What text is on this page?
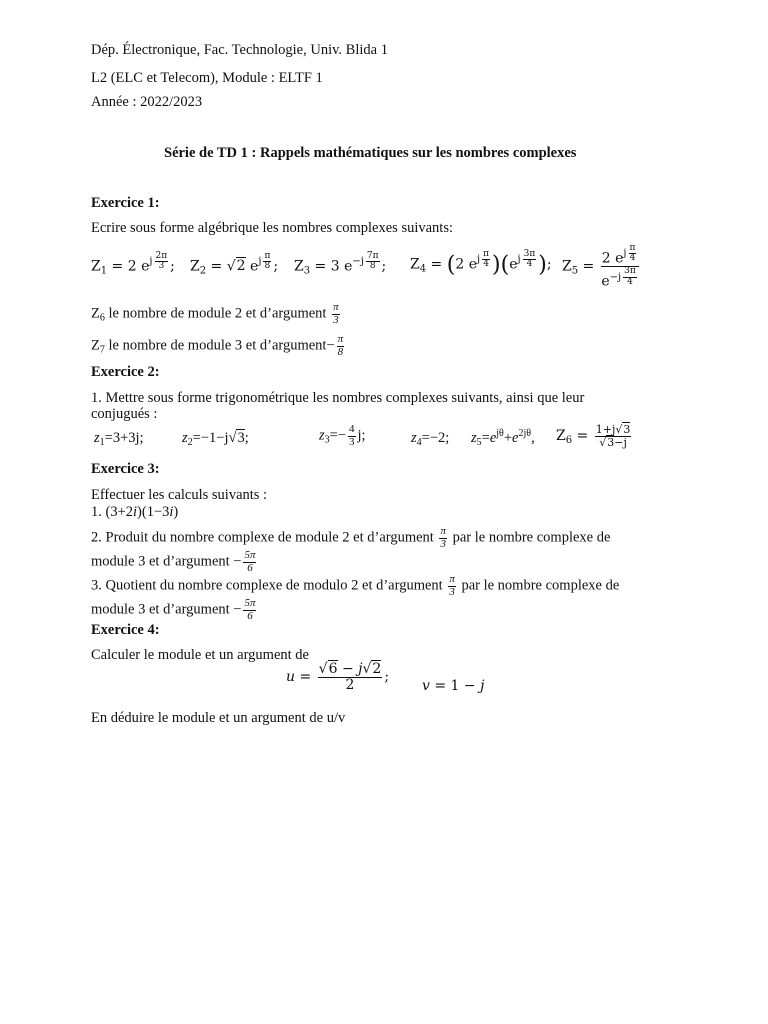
Dép. Électronique, Fac. Technologie, Univ. Blida 1
L2 (ELC et Telecom), Module : ELTF 1
Année : 2022/2023
Série de TD 1 : Rappels mathématiques sur les nombres complexes
Exercice 1:
Ecrire sous forme algébrique les nombres complexes suivants:
$Z_1 = 2$ $e^{j \frac{2\pi}{3}}$ ; $Z_2 = √2$ $e^{j \frac{\pi}{8}}$ ; $Z_3 = 3$ $e^{-j \frac{7\pi}{8}}$ ; $Z_4 = (2$ $e^{j \frac{\pi}{4}}$ )($e^{j \frac{3\pi}{4}}$ ); $Z_5 = 2$ $e^{j \frac{\pi}{4}}$
$e^{-j \frac{3\pi}{4}}$
$Z_6$ le nombre de module 2 et d’argument $\frac{\pi}{3}$
$Z_7$ le nombre de module 3 et d’argument− $\frac{\pi}{8}$
Exercice 2:
1. Mettre sous forme trigonométrique les nombres complexes suivants, ainsi que leur
conjugués :
$z_1=3+3j$;	$z_2=-1-j√3$;	$z_3=- \frac{4}{3} j$;	$z_4=-2$; $z_5=e^{j\theta}+e^{2j\theta}$, $Z_6 = \frac{1+j√3}{√3-j}$
Exercice 3:
Effectuer les calculs suivants :
1. (3+2i)(1−3i)
2. Produit du nombre complexe de module 2 et d’argument $\frac{\pi}{3}$ par le nombre complexe de
module 3 et d’argument − $\frac{5\pi}{6}$
3. Quotient du nombre complexe de modulo 2 et d’argument $\frac{\pi}{3}$ par le nombre complexe de
module 3 et d’argument − $\frac{5\pi}{6}$
Exercice 4:
Calculer le module et un argument de
$u = \frac{√6 - j√2}{2}$ ;
v = 1 − j
En déduire le module et un argument de u/v
